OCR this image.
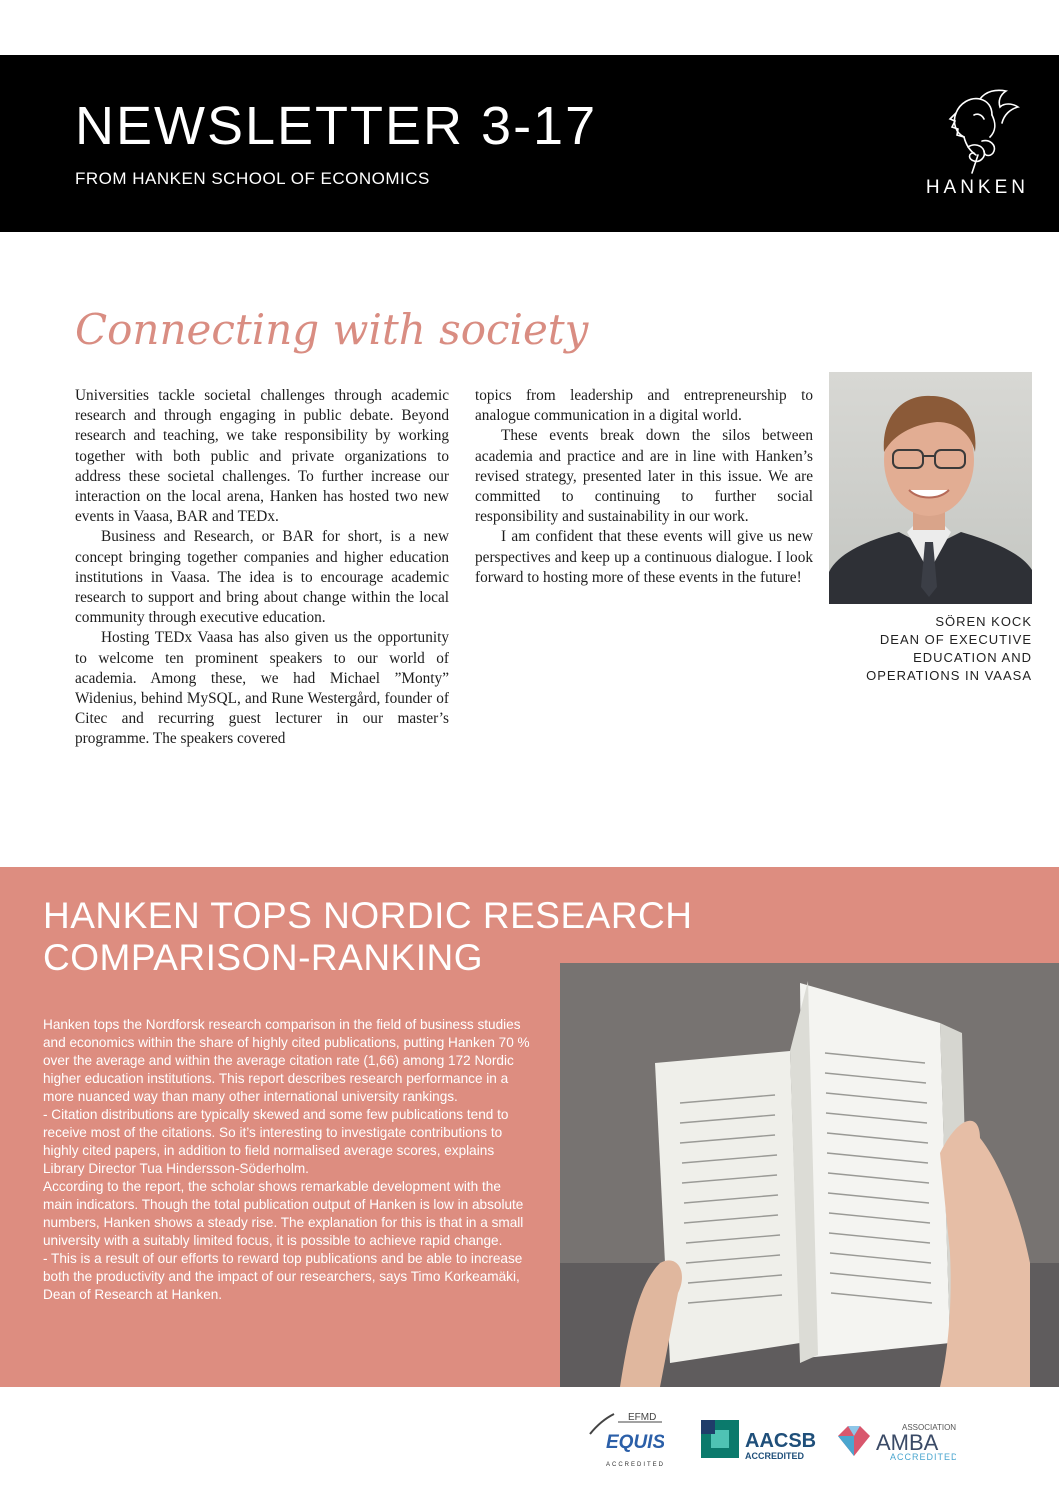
NEWSLETTER 3-17
FROM HANKEN SCHOOL OF ECONOMICS	HANKEN
Connecting with society

Universities tackle societal challenges through academic research and through engaging in public debate. Beyond research and teaching, we take responsibility by working together with both public and private organizations to address these societal challenges. To further increase our interaction on the local arena, Hanken has hosted two new events in Vaasa, BAR and TEDx.

Business and Research, or BAR for short, is a new concept bringing together companies and higher education institutions in Vaasa. The idea is to encourage academic research to support and bring about change within the local community through executive education.

Hosting TEDx Vaasa has also given us the opportunity to welcome ten prominent speakers to our world of academia. Among these, we had Michael ”Monty” Widenius, behind MySQL, and Rune Westergård, founder of Citec and recurring guest lecturer in our master’s programme. The speakers covered

topics from leadership and entrepreneurship to analogue communication in a digital world.

These events break down the silos between academia and practice and are in line with Hanken’s revised strategy, presented later in this issue. We are committed to continuing to further social responsibility and sustainability in our work.

I am confident that these events will give us new perspectives and keep up a continuous dialogue. I look forward to hosting more of these events in the future!

SÖREN KOCK
DEAN OF EXECUTIVE
EDUCATION AND
OPERATIONS IN VAASA
HANKEN TOPS NORDIC RESEARCH COMPARISON-RANKING
Hanken tops the Nordforsk research comparison in the field of business studies and economics within the share of highly cited publications, putting Hanken 70 % over the average and within the average citation rate (1,66) among 172 Nordic higher education institutions. This report describes research performance in a more nuanced way than many other international university rankings.
- Citation distributions are typically skewed and some few publications tend to receive most of the citations. So it’s interesting to investigate contributions to highly cited papers, in addition to field normalised average scores, explains Library Director Tua Hindersson-Söderholm.
According to the report, the scholar shows remarkable development with the main indicators. Though the total publication output of Hanken is low in absolute numbers, Hanken shows a steady rise. The explanation for this is that in a small university with a suitably limited focus, it is possible to achieve rapid change.
- This is a result of our efforts to reward top publications and be able to increase both the productivity and the impact of our researchers, says Timo Korkeamäki, Dean of Research at Hanken.
EFMD
EQUIS
ACCREDITED
AACSB
ACCREDITED
ASSOCIATION
AMBA
ACCREDITED
